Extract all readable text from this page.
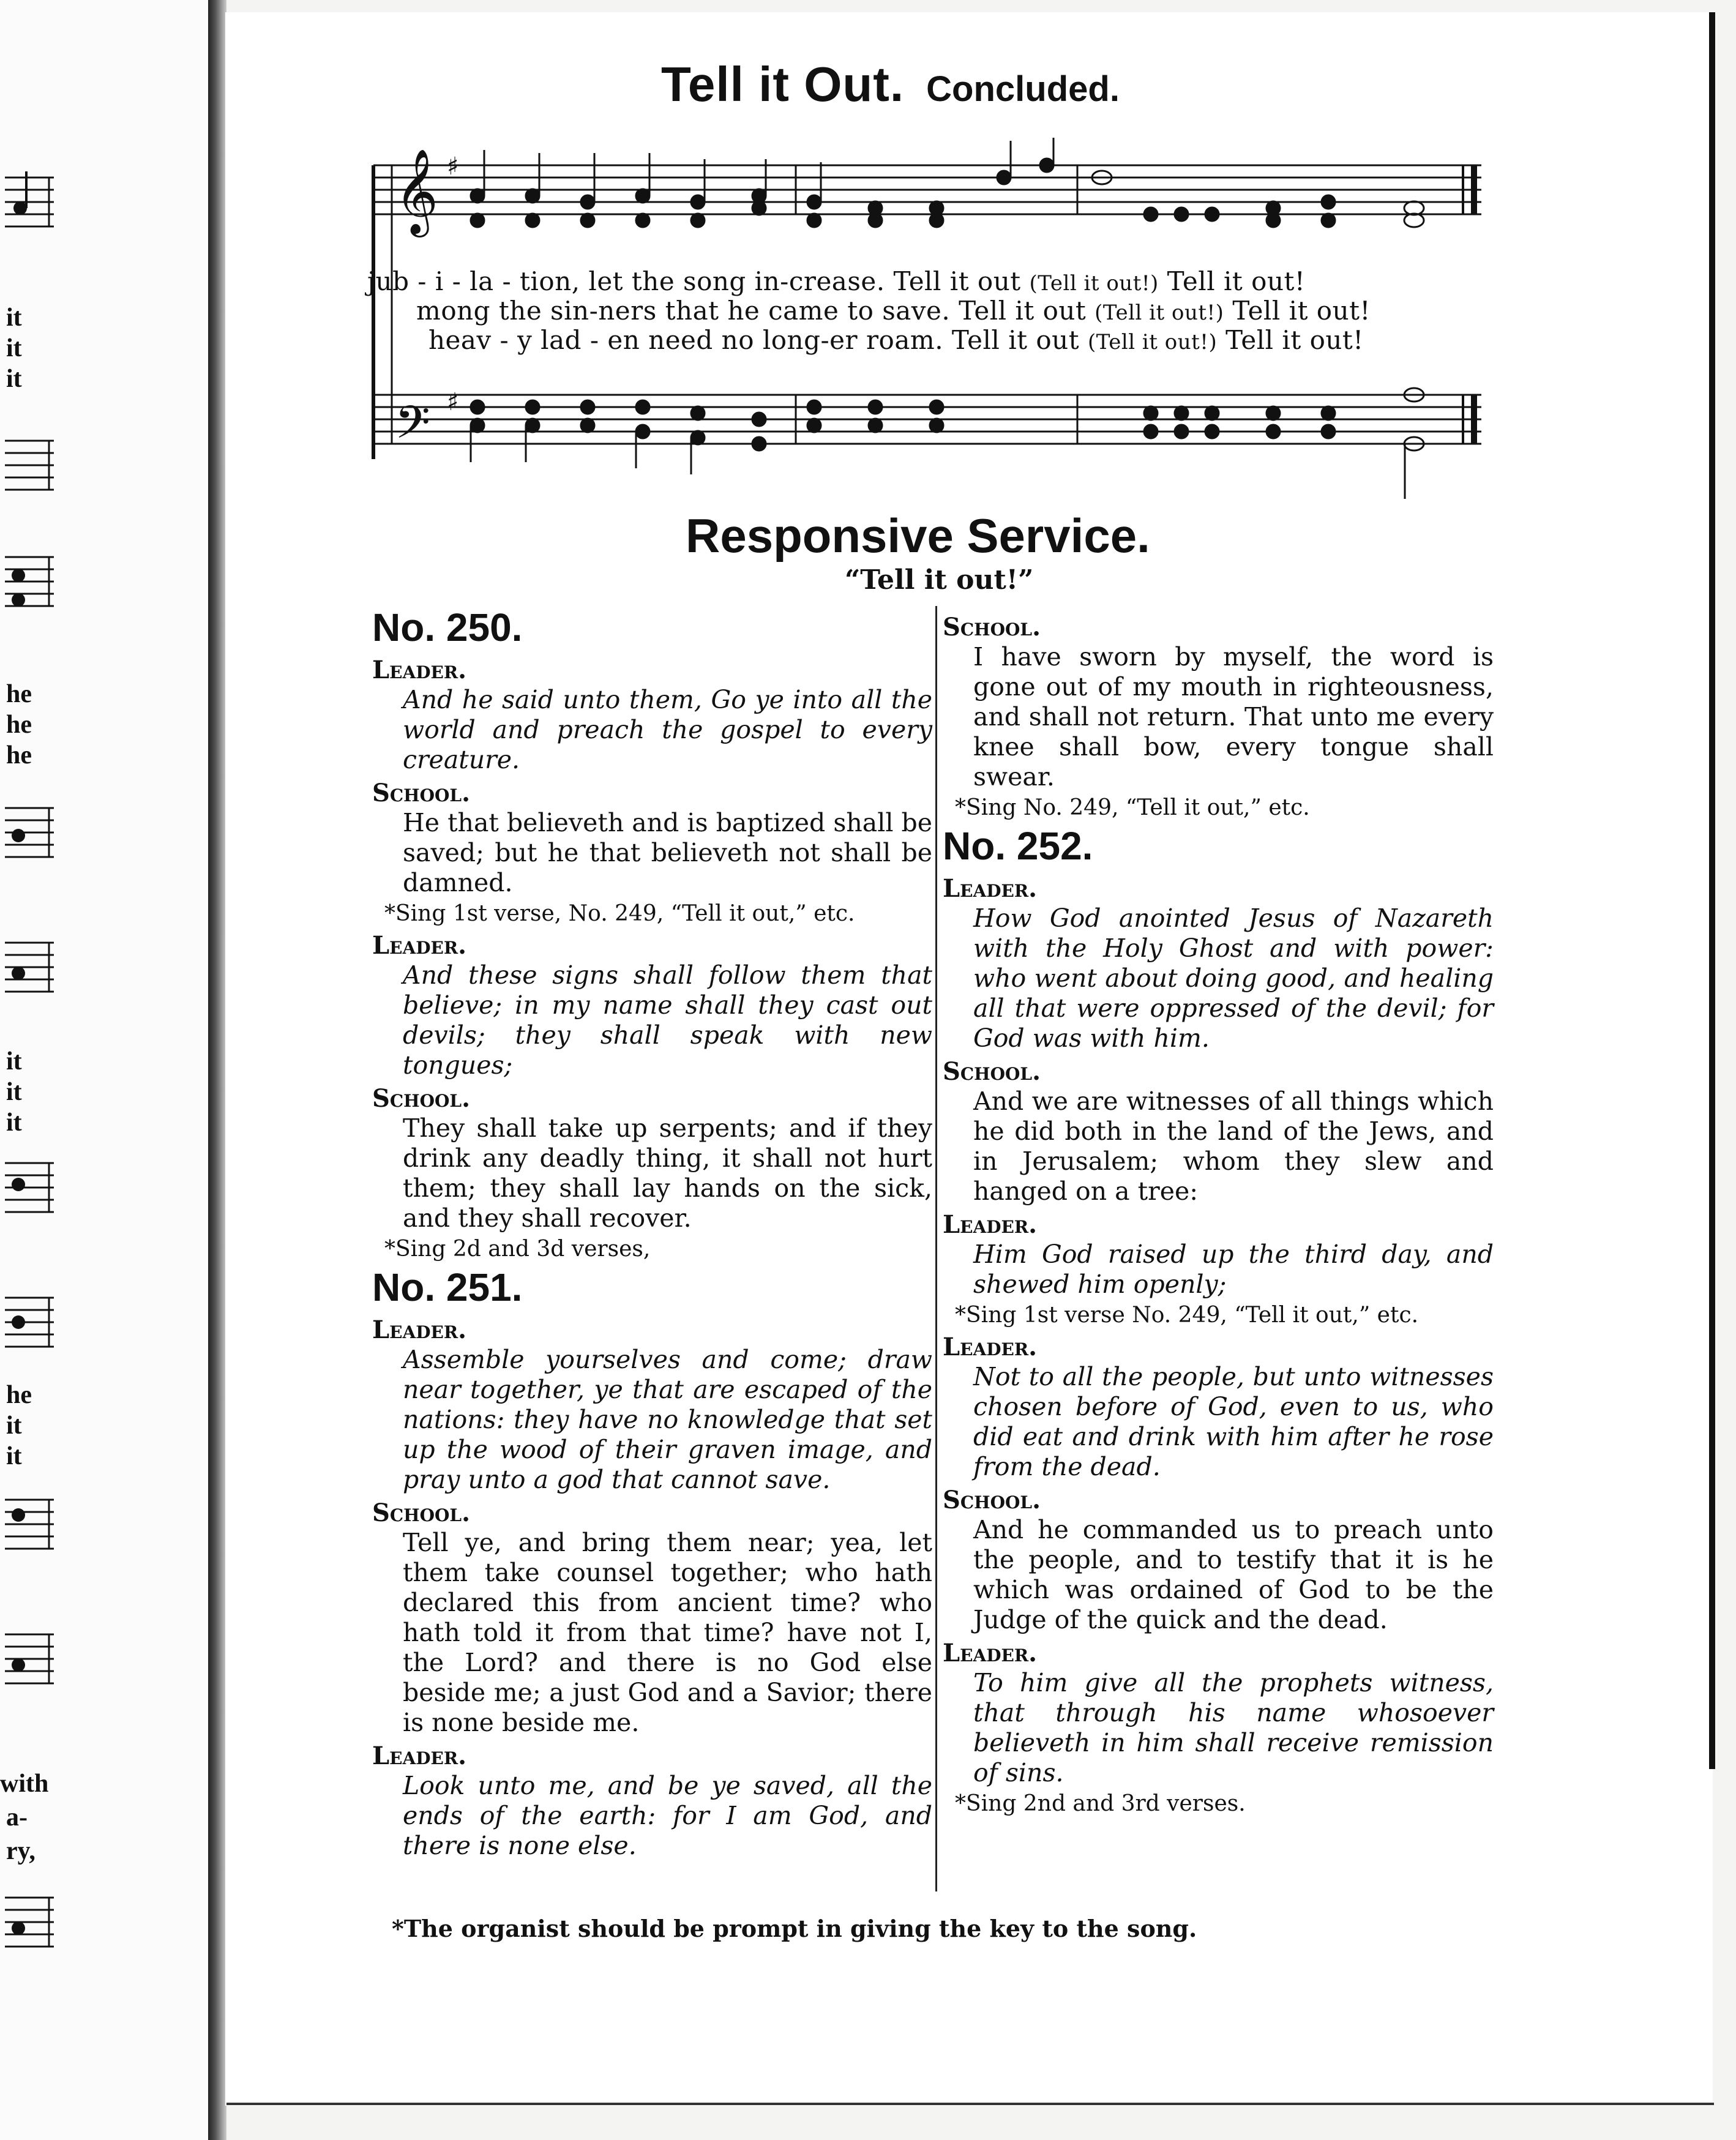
it
it
it
he
he
he
it
it
it
he
it
it
with
a-
ry,
Tell it Out. Concluded.
𝄞
𝄢
♯
♯
jub - i - la - tion, let the song in-crease. Tell it out (Tell it out!) Tell it out!
mong the sin-ners that he came to save. Tell it out (Tell it out!) Tell it out!
heav - y lad - en need no long-er roam. Tell it out (Tell it out!) Tell it out!
Responsive Service.
“Tell it out!”
No. 250.
Leader.
And he said unto them, Go ye into all the world and preach the gospel to every creature.
School.
He that believeth and is baptized shall be saved; but he that believeth not shall be damned.
*Sing 1st verse, No. 249, “Tell it out,” etc.
Leader.
And these signs shall follow them that believe; in my name shall they cast out devils; they shall speak with new tongues;
School.
They shall take up serpents; and if they drink any deadly thing, it shall not hurt them; they shall lay hands on the sick, and they shall recover.
*Sing 2d and 3d verses,
No. 251.
Leader.
Assemble yourselves and come; draw near together, ye that are escaped of the nations: they have no knowledge that set up the wood of their graven image, and pray unto a god that cannot save.
School.
Tell ye, and bring them near; yea, let them take counsel together; who hath declared this from ancient time? who hath told it from that time? have not I, the Lord? and there is no God else beside me; a just God and a Savior; there is none beside me.
Leader.
Look unto me, and be ye saved, all the ends of the earth: for I am God, and there is none else.
School.
I have sworn by myself, the word is gone out of my mouth in righteousness, and shall not return. That unto me every knee shall bow, every tongue shall swear.
*Sing No. 249, “Tell it out,” etc.
No. 252.
Leader.
How God anointed Jesus of Nazareth with the Holy Ghost and with power: who went about doing good, and healing all that were oppressed of the devil; for God was with him.
School.
And we are witnesses of all things which he did both in the land of the Jews, and in Jerusalem; whom they slew and hanged on a tree:
Leader.
Him God raised up the third day, and shewed him openly;
*Sing 1st verse No. 249, “Tell it out,” etc.
Leader.
Not to all the people, but unto witnesses chosen before of God, even to us, who did eat and drink with him after he rose from the dead.
School.
And he commanded us to preach unto the people, and to testify that it is he which was ordained of God to be the Judge of the quick and the dead.
Leader.
To him give all the prophets witness, that through his name whosoever believeth in him shall receive remission of sins.
*Sing 2nd and 3rd verses.
*The organist should be prompt in giving the key to the song.
